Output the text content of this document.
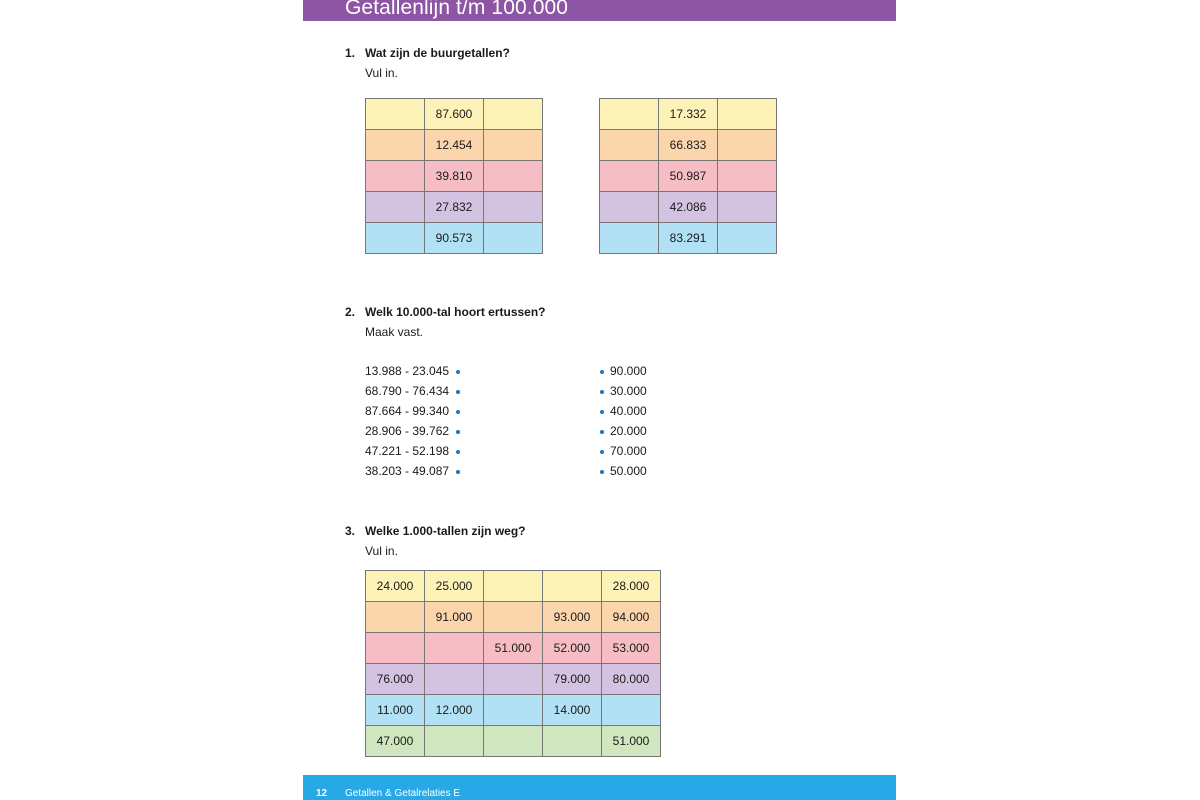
Getallenlijn t/m 100.000
1. Wat zijn de buurgetallen?
Vul in.
	87.600	
	12.454	
	39.810	
	27.832	
	90.573	
	17.332	
	66.833	
	50.987	
	42.086	
	83.291	
2. Welk 10.000-tal hoort ertussen?
Maak vast.
13.988 - 23.045
68.790 - 76.434
87.664 - 99.340
28.906 - 39.762
47.221 - 52.198
38.203 - 49.087
90.000
30.000
40.000
20.000
70.000
50.000
3. Welke 1.000-tallen zijn weg?
Vul in.
24.000	25.000			28.000
	91.000		93.000	94.000
		51.000	52.000	53.000
76.000			79.000	80.000
11.000	12.000		14.000	
47.000				51.000
12 Getallen & Getalrelaties E
